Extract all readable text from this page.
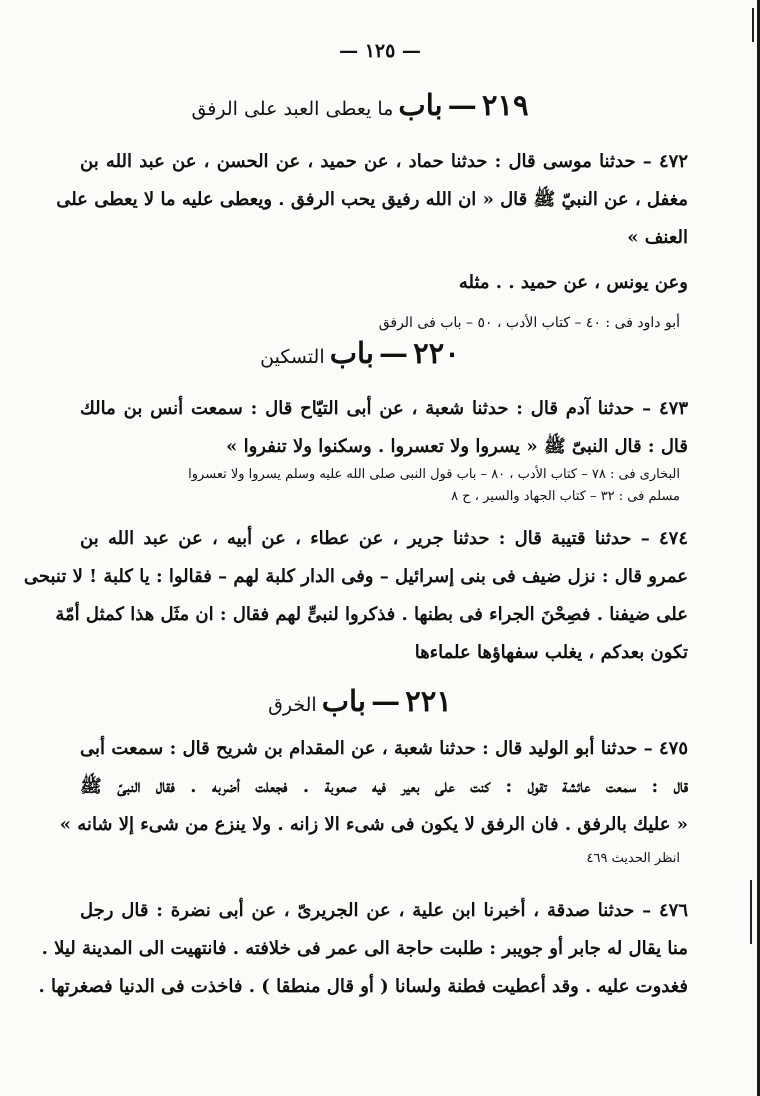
— ١٢٥ —
٢١٩ — باب ما يعطى العبد على الرفق
٤٧٢ – حدثنا موسى قال : حدثنا حماد ، عن حميد ، عن الحسن ، عن عبد الله بن
مغفل ، عن النبيّ ﷺ قال « ان الله رفيق يحب الرفق . ويعطى عليه ما لا يعطى على
العنف »
وعن يونس ، عن حميد . . مثله
أبو داود فى : ٤٠ – كتاب الأدب ، ٥٠ – باب فى الرفق
٢٢٠ — باب التسكين
٤٧٣ – حدثنا آدم قال : حدثنا شعبة ، عن أبى التيّاح قال : سمعت أنس بن مالك
قال : قال النبىّ ﷺ « يسروا ولا تعسروا . وسكنوا ولا تنفروا »
البخارى فى : ٧٨ – كتاب الأدب ، ٨٠ – باب قول النبى صلى الله عليه وسلم يسروا ولا تعسروا
مسلم فى : ٣٢ – كتاب الجهاد والسير ، ح ٨
٤٧٤ – حدثنا قتيبة قال : حدثنا جرير ، عن عطاء ، عن أبيه ، عن عبد الله بن
عمرو قال : نزل ضيف فى بنى إسرائيل – وفى الدار كلبة لهم – فقالوا : يا كلبة ! لا تنبحى
على ضيفنا . فصِحْنَ الجراء فى بطنها . فذكروا لنبىٍّ لهم فقال : ان مثَل هذا كمثل أمّة
تكون بعدكم ، يغلب سفهاؤها علماءها
٢٢١ — باب الخرق
٤٧٥ – حدثنا أبو الوليد قال : حدثنا شعبة ، عن المقدام بن شريح قال : سمعت أبى
قال : سمعت عائشة تقول : كنت على بعير فيه صعوبة . فجعلت أضربه . فقال النبىّ ﷺ
« عليك بالرفق . فان الرفق لا يكون فى شىء الا زانه . ولا ينزع من شىء إلا شانه »
انظر الحديث ٤٦٩
٤٧٦ – حدثنا صدقة ، أخبرنا ابن علية ، عن الجريرىّ ، عن أبى نضرة : قال رجل
منا يقال له جابر أو جويبر : طلبت حاجة الى عمر فى خلافته . فانتهيت الى المدينة ليلا .
فغدوت عليه . وقد أعطيت فطنة ولسانا ( أو قال منطقا ) . فاخذت فى الدنيا فصغرتها .
